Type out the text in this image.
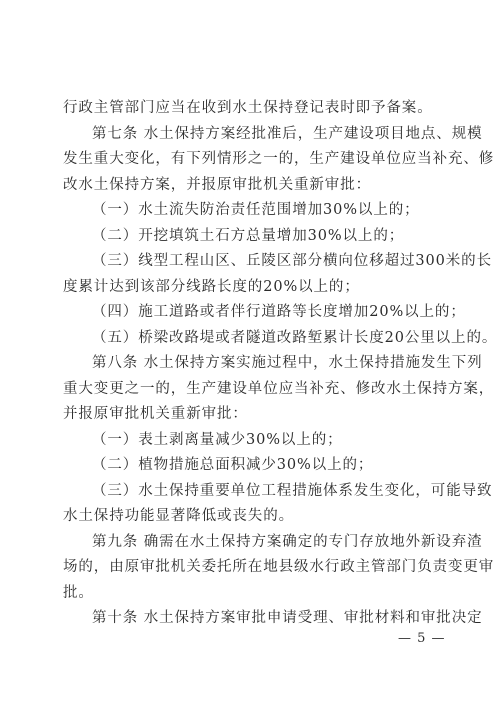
行政主管部门应当在收到水土保持登记表时即予备案。

第七条 水土保持方案经批准后，生产建设项目地点、规模

发生重大变化，有下列情形之一的，生产建设单位应当补充、修

改水土保持方案，并报原审批机关重新审批：

（一）水土流失防治责任范围增加30%以上的；

（二）开挖填筑土石方总量增加30%以上的；

（三）线型工程山区、丘陵区部分横向位移超过300米的长

度累计达到该部分线路长度的20%以上的；

（四）施工道路或者伴行道路等长度增加20%以上的；

（五）桥梁改路堤或者隧道改路堑累计长度20公里以上的。

第八条 水土保持方案实施过程中，水土保持措施发生下列

重大变更之一的，生产建设单位应当补充、修改水土保持方案，

并报原审批机关重新审批：

（一）表土剥离量减少30%以上的；

（二）植物措施总面积减少30%以上的；

（三）水土保持重要单位工程措施体系发生变化，可能导致

水土保持功能显著降低或丧失的。

第九条 确需在水土保持方案确定的专门存放地外新设弃渣

场的，由原审批机关委托所在地县级水行政主管部门负责变更审

批。

第十条 水土保持方案审批申请受理、审批材料和审批决定

— 5 —
